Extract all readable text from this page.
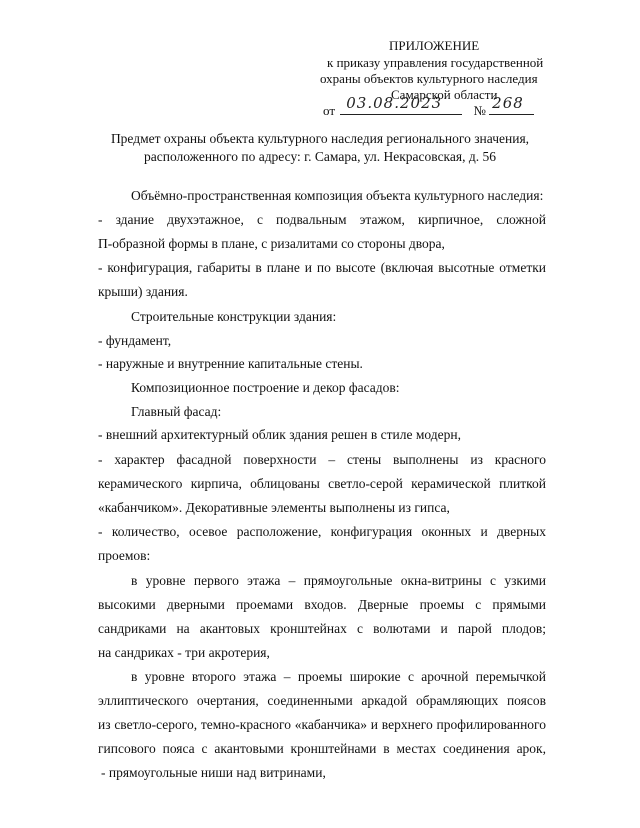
ПРИЛОЖЕНИЕ
к приказу управления государственной
охраны объектов культурного наследия
Самарской области
от 03.08.2023 № 268
Предмет охраны объекта культурного наследия регионального значения,
расположенного по адресу: г. Самара, ул. Некрасовская, д. 56
Объёмно-пространственная композиция объекта культурного наследия:
- здание двухэтажное, с подвальным этажом, кирпичное, сложной
П-образной формы в плане, с ризалитами со стороны двора,
- конфигурация, габариты в плане и по высоте (включая высотные отметки
крыши) здания.
Строительные конструкции здания:
- фундамент,
- наружные и внутренние капитальные стены.
Композиционное построение и декор фасадов:
Главный фасад:
- внешний архитектурный облик здания решен в стиле модерн,
- характер фасадной поверхности – стены выполнены из красного
керамического кирпича, облицованы светло-серой керамической плиткой
«кабанчиком». Декоративные элементы выполнены из гипса,
- количество, осевое расположение, конфигурация оконных и дверных
проемов:
в уровне первого этажа – прямоугольные окна-витрины с узкими
высокими дверными проемами входов. Дверные проемы с прямыми
сандриками на акантовых кронштейнах с волютами и парой плодов;
на сандриках - три акротерия,
в уровне второго этажа – проемы широкие с арочной перемычкой
эллиптического очертания, соединенными аркадой обрамляющих поясов
из светло-серого, темно-красного «кабанчика» и верхнего профилированного
гипсового пояса с акантовыми кронштейнами в местах соединения арок,
- прямоугольные ниши над витринами,
